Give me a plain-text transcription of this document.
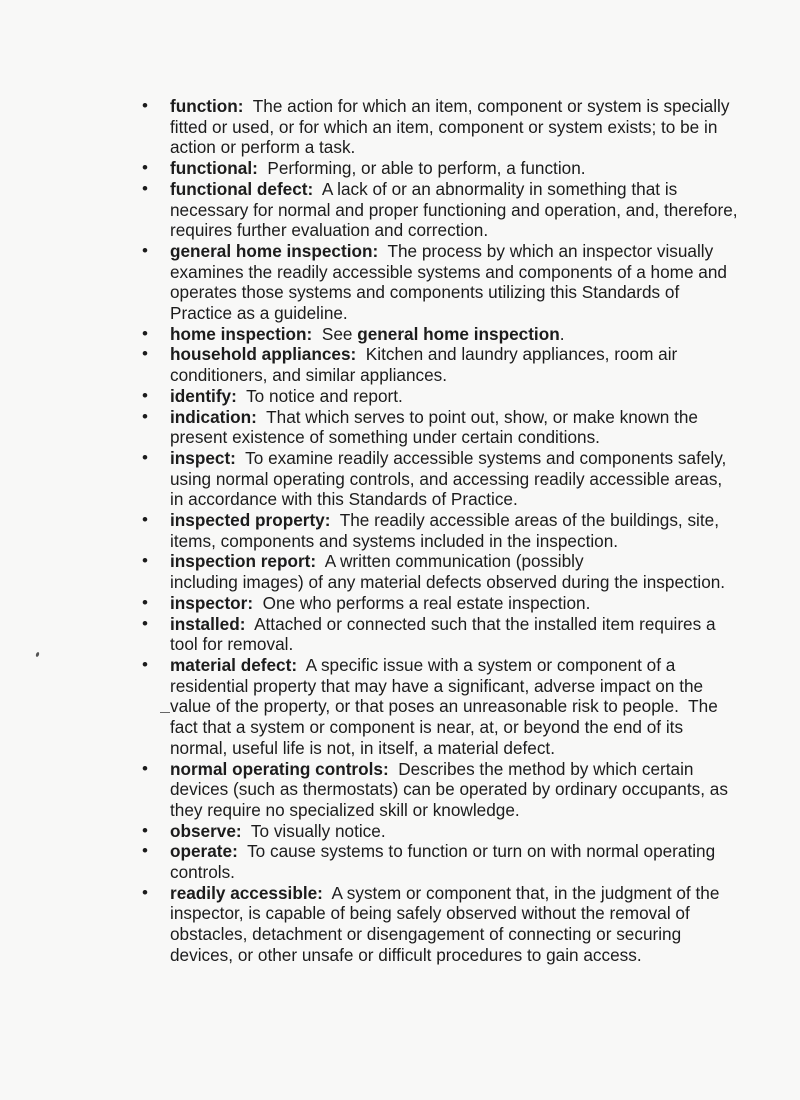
• function: The action for which an item, component or system is specially fitted or used, or for which an item, component or system exists; to be in action or perform a task.
• functional: Performing, or able to perform, a function.
• functional defect: A lack of or an abnormality in something that is necessary for normal and proper functioning and operation, and, therefore, requires further evaluation and correction.
• general home inspection: The process by which an inspector visually examines the readily accessible systems and components of a home and operates those systems and components utilizing this Standards of Practice as a guideline.
• home inspection: See general home inspection.
• household appliances: Kitchen and laundry appliances, room air conditioners, and similar appliances.
• identify: To notice and report.
• indication: That which serves to point out, show, or make known the present existence of something under certain conditions.
• inspect: To examine readily accessible systems and components safely, using normal operating controls, and accessing readily accessible areas, in accordance with this Standards of Practice.
• inspected property: The readily accessible areas of the buildings, site, items, components and systems included in the inspection.
• inspection report: A written communication (possiblyincluding images) of any material defects observed during the inspection.
• inspector: One who performs a real estate inspection.
• installed: Attached or connected such that the installed item requires a tool for removal.
• material defect: A specific issue with a system or component of a residential property that may have a significant, adverse impact on the value of the property, or that poses an unreasonable risk to people.  The fact that a system or component is near, at, or beyond the end of its normal, useful life is not, in itself, a material defect.
• normal operating controls: Describes the method by which certain devices (such as thermostats) can be operated by ordinary occupants, as they require no specialized skill or knowledge.
• observe: To visually notice.
• operate: To cause systems to function or turn on with normal operating controls.
• readily accessible: A system or component that, in the judgment of the inspector, is capable of being safely observed without the removal of obstacles, detachment or disengagement of connecting or securing devices, or other unsafe or difficult procedures to gain access.
